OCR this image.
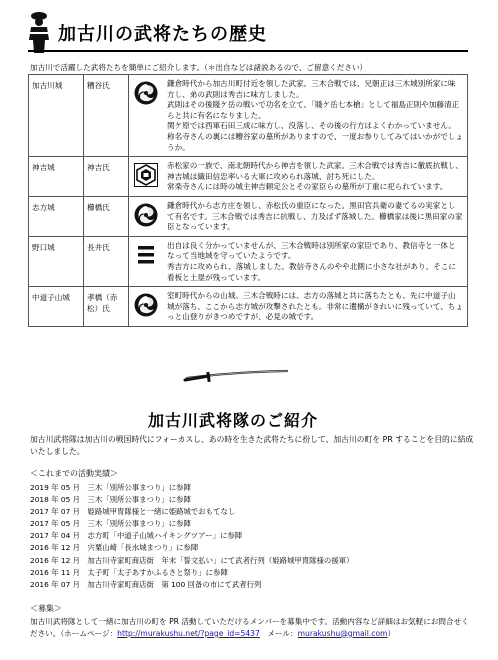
加古川の武将たちの歴史
加古川で活躍した武将たちを簡単にご紹介します。（＊出自などは諸説あるので、ご留意ください）
加古川城	糟谷氏		鎌倉時代から加古川町付近を領した武家。三木合戦では、兄朝正は三木城別所家に味方し、弟の武則は秀吉に味方しました。

武則はその後賤ケ岳の戦いで功名を立て、「賤ケ岳七本槍」として福島正則や加藤清正らと共に有名になりました。

関ケ原では西軍石田三成に味方し、没落し、その後の行方はよくわかっていません。称名寺さんの裏には糟谷家の墓所がありますので、一度お参りしてみてはいかがでしょうか。

神吉城	神吉氏		赤松家の一族で、南北朝時代から神吉を領した武家。三木合戦では秀吉に徹底抗戦し、神吉城は織田信忠率いる大軍に攻められ落城、討ち死にした。

常楽寺さんには時の城主神吉頼定公とその家臣らの墓所が丁重に祀られています。

志方城	櫛橋氏		鎌倉時代から志方庄を領し、赤松氏の重臣になった。黒田官兵衛の妻てるの実家として有名です。三木合戦では秀吉に抗戦し、力及ばず落城した。櫛橋家は後に黒田家の家臣となっています。

野口城	長井氏		出自は良く分かっていませんが、三木合戦時は別所家の家臣であり、教信寺と一体となって当地域を守っていたようです。

秀吉方に攻められ、落城しました。教信寺さんのやや北側に小さな社があり、そこに看板と土塁が残っています。

中道子山城	孝橋（赤松）氏		室町時代からの山城。三木合戦時には、志方の落城と共に落ちたとも、先に中道子山城が落ち、ここから志方城が攻撃されたとも。非常に遺構がきれいに残っていて、ちょっと山登りがきつめですが、必見の城です。

加古川武将隊のご紹介
加古川武将隊は加古川の戦国時代にフォーカスし、あの時を生きた武将たちに扮して、加古川の町を PR することを目的に結成いたしました。
＜これまでの活動実績＞
2019 年 05 月　三木「別所公事まつり」に参陣
2018 年 05 月　三木「別所公事まつり」に参陣
2017 年 07 月　姫路城甲冑隊様と一緒に姫路城でおもてなし
2017 年 05 月　三木「別所公事まつり」に参陣
2017 年 04 月　志方町「中道子山城ハイキングツアー」に参陣
2016 年 12 月　宍粟山崎「長水城まつり」に参陣
2016 年 12 月　加古川寺家町商店街　年末「誓文払い」にて武者行列（姫路城甲冑隊様の援軍）
2016 年 11 月　太子町「太子あすかふるさと祭り」に参陣
2016 年 07 月　加古川寺家町商店街　第 100 回备の市にて武者行列
＜募集＞
加古川武将隊として一緒に加古川の町を PR 活動していただけるメンバーを募集中です。活動内容など詳細はお気軽にお問合せください。（ホームページ：http://murakushu.net/?page_id=5437　メール：murakushu@gmail.com）
